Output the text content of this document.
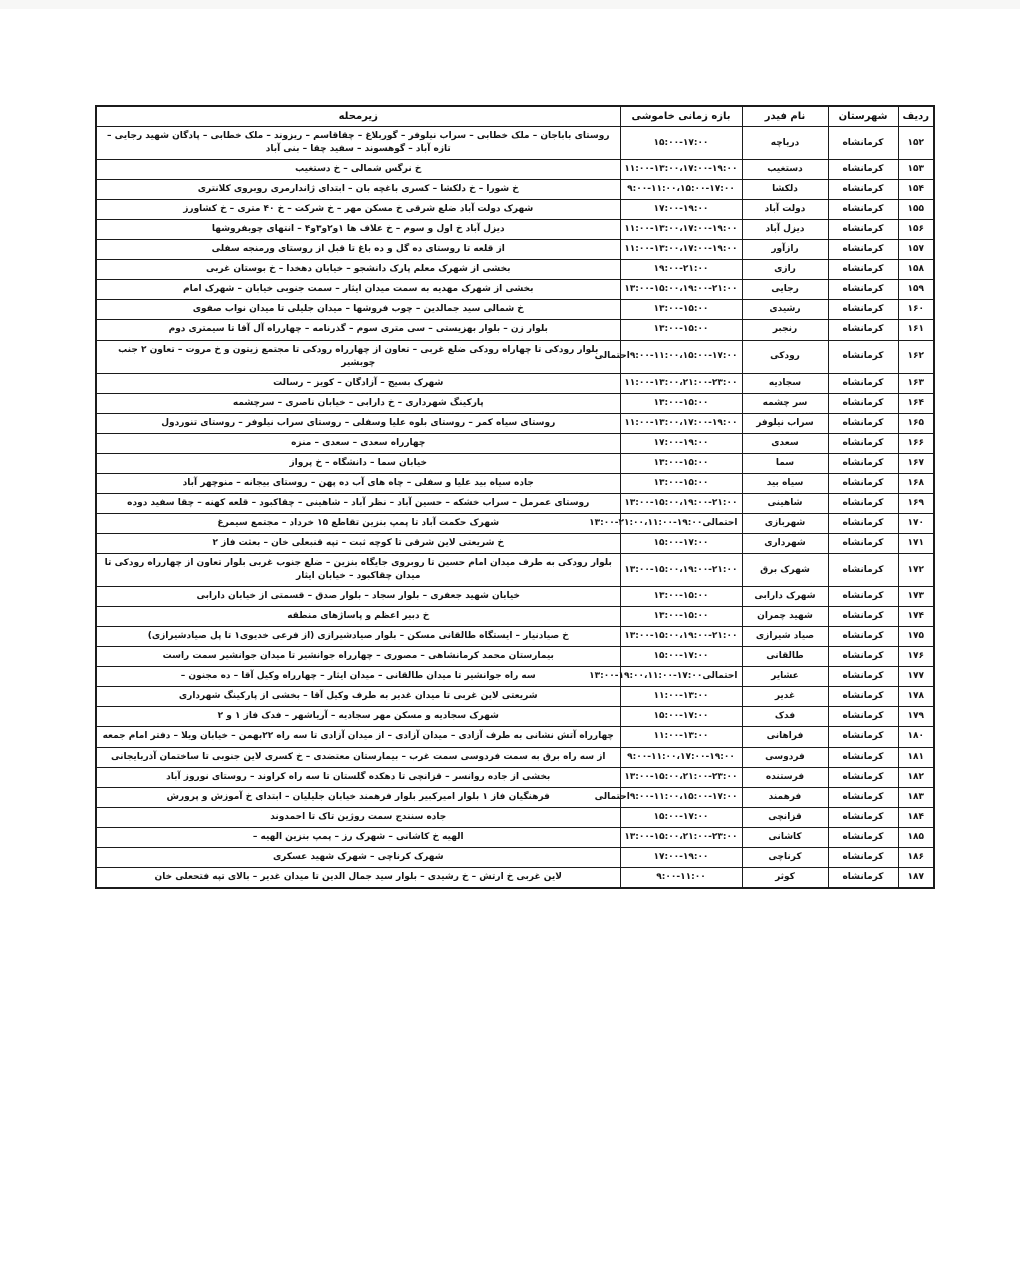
ردیف	شهرستان	نام فیدر	بازه زمانی خاموشی	زیرمحله
۱۵۲	کرمانشاه	دریاچه	۱۵:۰۰-۱۷:۰۰	روستای باباجان – ملک خطابی – سراب نیلوفر – گوربلاغ – چقاقاسم – ریزوند – ملک خطابی – پادگان شهید رجایی – تازه آباد – گوهسوند – سفید چقا – بنی آباد
۱۵۳	کرمانشاه	دستغیب	۱۱:۰۰-۱۳:۰۰،۱۷:۰۰-۱۹:۰۰	خ نرگس شمالی – خ دستغیب
۱۵۴	کرمانشاه	دلکشا	۹:۰۰-۱۱:۰۰،۱۵:۰۰-۱۷:۰۰	خ شورا – خ دلکشا – کسری باغچه بان – ابتدای ژاندارمری روبروی کلانتری
۱۵۵	کرمانشاه	دولت آباد	۱۷:۰۰-۱۹:۰۰	شهرک دولت آباد ضلع شرقی خ مسکن مهر – خ شرکت – خ ۴۰ متری – خ کشاورز
۱۵۶	کرمانشاه	دیزل آباد	۱۱:۰۰-۱۳:۰۰،۱۷:۰۰-۱۹:۰۰	دیزل آباد خ اول و سوم – خ علاف ها ۱و۲و۳و۴ – انتهای چوبفروشها
۱۵۷	کرمانشاه	رازآور	۱۱:۰۰-۱۳:۰۰،۱۷:۰۰-۱۹:۰۰	از قلعه تا روستای ده گل و ده باغ تا قبل از روستای ورمنجه سفلی
۱۵۸	کرمانشاه	رازی	۱۹:۰۰-۲۱:۰۰	بخشی از شهرک معلم پارک دانشجو – خیابان دهخدا – خ بوستان غربی
۱۵۹	کرمانشاه	رجایی	۱۳:۰۰-۱۵:۰۰،۱۹:۰۰-۲۱:۰۰	بخشی از شهرک مهدیه به سمت میدان ایثار – سمت جنوبی خیابان – شهرک امام
۱۶۰	کرمانشاه	رشیدی	۱۳:۰۰-۱۵:۰۰	خ شمالی سید جمالدین – چوب فروشها – میدان جلیلی تا میدان نواب صفوی
۱۶۱	کرمانشاه	رنجبر	۱۳:۰۰-۱۵:۰۰	بلوار زن – بلوار بهزیستی – سی متری سوم – گذرنامه – چهارراه آل آقا تا سیمتری دوم
۱۶۲	کرمانشاه	رودکی	۹:۰۰-۱۱:۰۰،۱۵:۰۰-۱۷:۰۰احتمالی	بلوار رودکی تا چهاراه رودکی ضلع غربی – تعاون از چهارراه رودکی تا مجتمع زیتون و خ مروت – تعاون ۲ جنب چوبشیر
۱۶۳	کرمانشاه	سجادیه	۱۱:۰۰-۱۳:۰۰،۲۱:۰۰-۲۳:۰۰	شهرک بسیج – آزادگان – کویز – رسالت
۱۶۴	کرمانشاه	سر چشمه	۱۳:۰۰-۱۵:۰۰	پارکینگ شهرداری – خ دارابی – خیابان ناصری – سرچشمه
۱۶۵	کرمانشاه	سراب نیلوفر	۱۱:۰۰-۱۳:۰۰،۱۷:۰۰-۱۹:۰۰	روستای سیاه کمر – روستای بلوه علیا وسفلی – روستای سراب نیلوفر – روستای تنوردول
۱۶۶	کرمانشاه	سعدی	۱۷:۰۰-۱۹:۰۰	چهارراه سعدی – سعدی – منزه
۱۶۷	کرمانشاه	سما	۱۳:۰۰-۱۵:۰۰	خیابان سما – دانشگاه – خ پرواز
۱۶۸	کرمانشاه	سیاه بید	۱۳:۰۰-۱۵:۰۰	جاده سیاه بید علیا و سفلی – چاه های آب ده پهن – روستای بیجانه – منوچهر آباد
۱۶۹	کرمانشاه	شاهینی	۱۳:۰۰-۱۵:۰۰،۱۹:۰۰-۲۱:۰۰	روستای عمرمل – سراب خشکه – حسین آباد – نظر آباد – شاهینی – چقاکبود – قلعه کهنه – چقا سفید دوده
۱۷۰	کرمانشاه	شهربازی	احتمالی۱۹:۰۰-۲۱:۰۰،۱۱:۰۰-۱۳:۰۰	شهرک حکمت آباد تا پمپ بنزین تقاطع ۱۵ خرداد – مجتمع سیمرغ
۱۷۱	کرمانشاه	شهرداری	۱۵:۰۰-۱۷:۰۰	خ شریعتی لاین شرقی تا کوچه ثبت – تپه قنبعلی خان – بعثت فاز ۲
۱۷۲	کرمانشاه	شهرک برق	۱۳:۰۰-۱۵:۰۰،۱۹:۰۰-۲۱:۰۰	بلوار رودکی به طرف میدان امام حسین تا روبروی جایگاه بنزین – ضلع جنوب غربی بلوار تعاون از چهارراه رودکی تا میدان چقاکبود – خیابان ایثار
۱۷۳	کرمانشاه	شهرک دارابی	۱۳:۰۰-۱۵:۰۰	خیابان شهید جعفری – بلوار سجاد – بلوار صدق – قسمتی از خیابان دارابی
۱۷۴	کرمانشاه	شهید چمران	۱۳:۰۰-۱۵:۰۰	خ دبیر اعظم و پاساژهای منطقه
۱۷۵	کرمانشاه	صیاد شیرازی	۱۳:۰۰-۱۵:۰۰،۱۹:۰۰-۲۱:۰۰	خ صیادنیار – ایستگاه طالقانی مسکن – بلوار صیادشیرازی (از فرعی خدیوی۱ تا پل صیادشیرازی)
۱۷۶	کرمانشاه	طالقانی	۱۵:۰۰-۱۷:۰۰	بیمارستان محمد کرمانشاهی – مصوری – چهارراه جوانشیر تا میدان جوانشیر سمت راست
۱۷۷	کرمانشاه	عشایر	احتمالی۱۷:۰۰-۱۹:۰۰،۱۱:۰۰-۱۳:۰۰	سه راه جوانشیر تا میدان طالقانی – میدان ایثار – چهارراه وکیل آقا – ده مجنون –
۱۷۸	کرمانشاه	غدیر	۱۱:۰۰-۱۳:۰۰	شریعتی لاین غربی تا میدان غدیر به طرف وکیل آقا – بخشی از پارکینگ شهرداری
۱۷۹	کرمانشاه	فدک	۱۵:۰۰-۱۷:۰۰	شهرک سجادیه و مسکن مهر سجادیه – آریاشهر – فدک فاز ۱ و ۲
۱۸۰	کرمانشاه	فراهانی	۱۱:۰۰-۱۳:۰۰	چهارراه آتش نشانی به طرف آزادی – میدان آزادی – از میدان آزادی تا سه راه ۲۲بهمن – خیابان ویلا – دفتر امام جمعه
۱۸۱	کرمانشاه	فردوسی	۹:۰۰-۱۱:۰۰،۱۷:۰۰-۱۹:۰۰	از سه راه برق به سمت فردوسی سمت غرب – بیمارستان معتضدی – خ کسری لاین جنوبی تا ساختمان آذربایجانی
۱۸۲	کرمانشاه	فرستنده	۱۳:۰۰-۱۵:۰۰،۲۱:۰۰-۲۳:۰۰	بخشی از جاده روانسر – قزانچی تا دهکده گلستان تا سه راه کراوند – روستای نوروز آباد
۱۸۳	کرمانشاه	فرهمند	۹:۰۰-۱۱:۰۰،۱۵:۰۰-۱۷:۰۰احتمالی	فرهنگیان فاز ۱ بلوار امیرکبیر بلوار فرهمند خیابان جلیلیان – ابتدای خ آموزش و پرورش
۱۸۴	کرمانشاه	قزانچی	۱۵:۰۰-۱۷:۰۰	جاده سنندج سمت روژین تاک تا احمدوند
۱۸۵	کرمانشاه	کاشانی	۱۳:۰۰-۱۵:۰۰،۲۱:۰۰-۲۳:۰۰	الهیه خ کاشانی – شهرک رز – پمپ بنزین الهیه –
۱۸۶	کرمانشاه	کرناچی	۱۷:۰۰-۱۹:۰۰	شهرک کرناچی – شهرک شهید عسکری
۱۸۷	کرمانشاه	کوثر	۹:۰۰-۱۱:۰۰	لاین غربی خ ارتش – خ رشیدی – بلوار سید جمال الدین تا میدان غدیر – بالای تپه فتحعلی خان
